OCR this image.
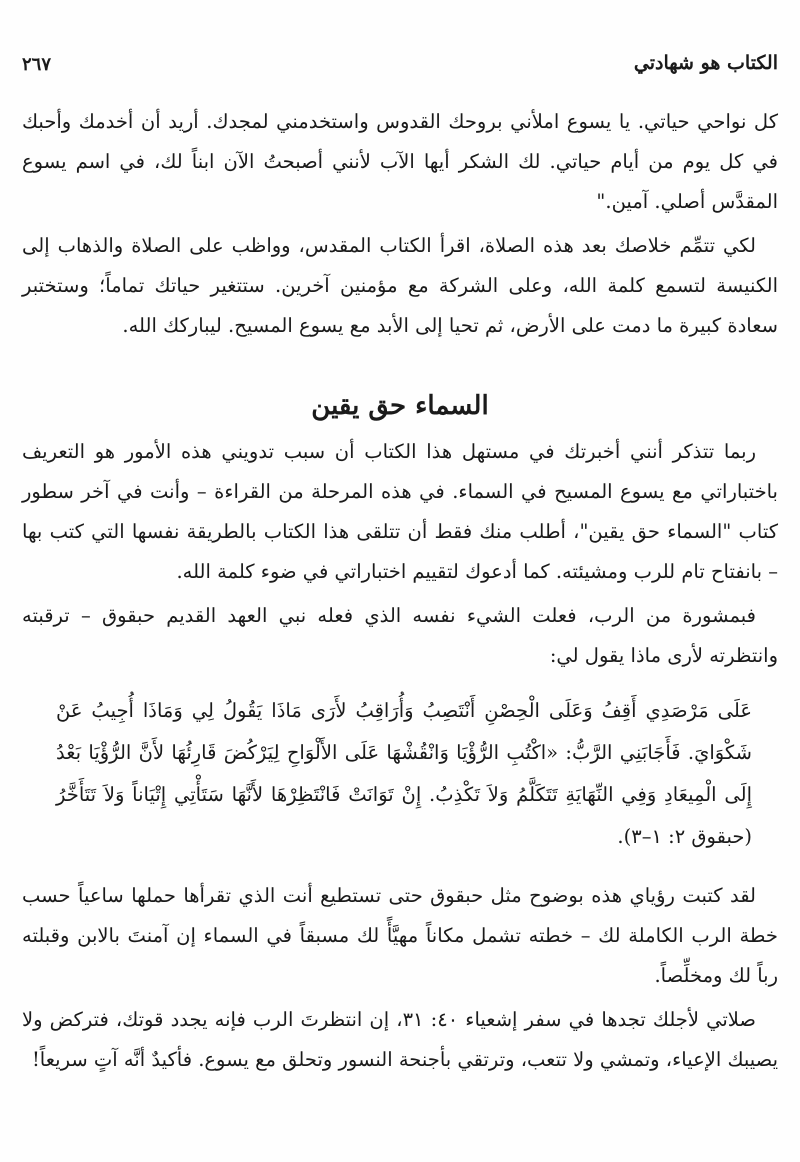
الكتاب هو شهادتي
٢٦٧

كل نواحي حياتي. يا يسوع املأني بروحك القدوس واستخدمني لمجدك. أريد أن أخدمك وأحبك في كل يوم من أيام حياتي. لك الشكر أيها الآب لأنني أصبحتُ الآن ابناً لك، في اسم يسوع المقدَّس أصلي. آمين."

لكي تتمِّم خلاصك بعد هذه الصلاة، اقرأ الكتاب المقدس، وواظب على الصلاة والذهاب إلى الكنيسة لتسمع كلمة الله، وعلى الشركة مع مؤمنين آخرين. ستتغير حياتك تماماً؛ وستختبر سعادة كبيرة ما دمت على الأرض، ثم تحيا إلى الأبد مع يسوع المسيح. ليباركك الله.

السماء حق يقين

ربما تتذكر أنني أخبرتك في مستهل هذا الكتاب أن سبب تدويني هذه الأمور هو التعريف باختباراتي مع يسوع المسيح في السماء. في هذه المرحلة من القراءة – وأنت في آخر سطور كتاب "السماء حق يقين"، أطلب منك فقط أن تتلقى هذا الكتاب بالطريقة نفسها التي كتب بها – بانفتاح تام للرب ومشيئته. كما أدعوك لتقييم اختباراتي في ضوء كلمة الله.

فبمشورة من الرب، فعلت الشيء نفسه الذي فعله نبي العهد القديم حبقوق – ترقبته وانتظرته لأرى ماذا يقول لي:

عَلَى مَرْصَدِي أَقِفُ وَعَلَى الْحِصْنِ أَنْتَصِبُ وَأُرَاقِبُ لأَرَى مَاذَا يَقُولُ لِي وَمَاذَا أُجِيبُ عَنْ شَكْوَايَ. فَأَجَابَنِي الرَّبُّ: «اكْتُبِ الرُّؤْيَا وَانْقُشْهَا عَلَى الأَلْوَاحِ لِيَرْكُضَ قَارِئُهَا لأَنَّ الرُّؤْيَا بَعْدُ إِلَى الْمِيعَادِ وَفِي النِّهَايَةِ تَتَكَلَّمُ وَلاَ تَكْذِبُ. إِنْ تَوَانَتْ فَانْتَظِرْهَا لأَنَّهَا سَتَأْتِي إِتْيَاناً وَلاَ تَتَأَخَّرُ (حبقوق ٢: ١–٣).

لقد كتبت رؤياي هذه بوضوح مثل حبقوق حتى تستطيع أنت الذي تقرأها حملها ساعياً حسب خطة الرب الكاملة لك – خطته تشمل مكاناً مهيَّأً لك مسبقاً في السماء إن آمنتَ بالابن وقبلته رباً لك ومخلِّصاً.

صلاتي لأجلك تجدها في سفر إشعياء ٤٠: ٣١، إن انتظرتَ الرب فإنه يجدد قوتك، فتركض ولا يصيبك الإعياء، وتمشي ولا تتعب، وترتقي بأجنحة النسور وتحلق مع يسوع. فأكيدٌ أنَّه آتٍ سريعاً!
